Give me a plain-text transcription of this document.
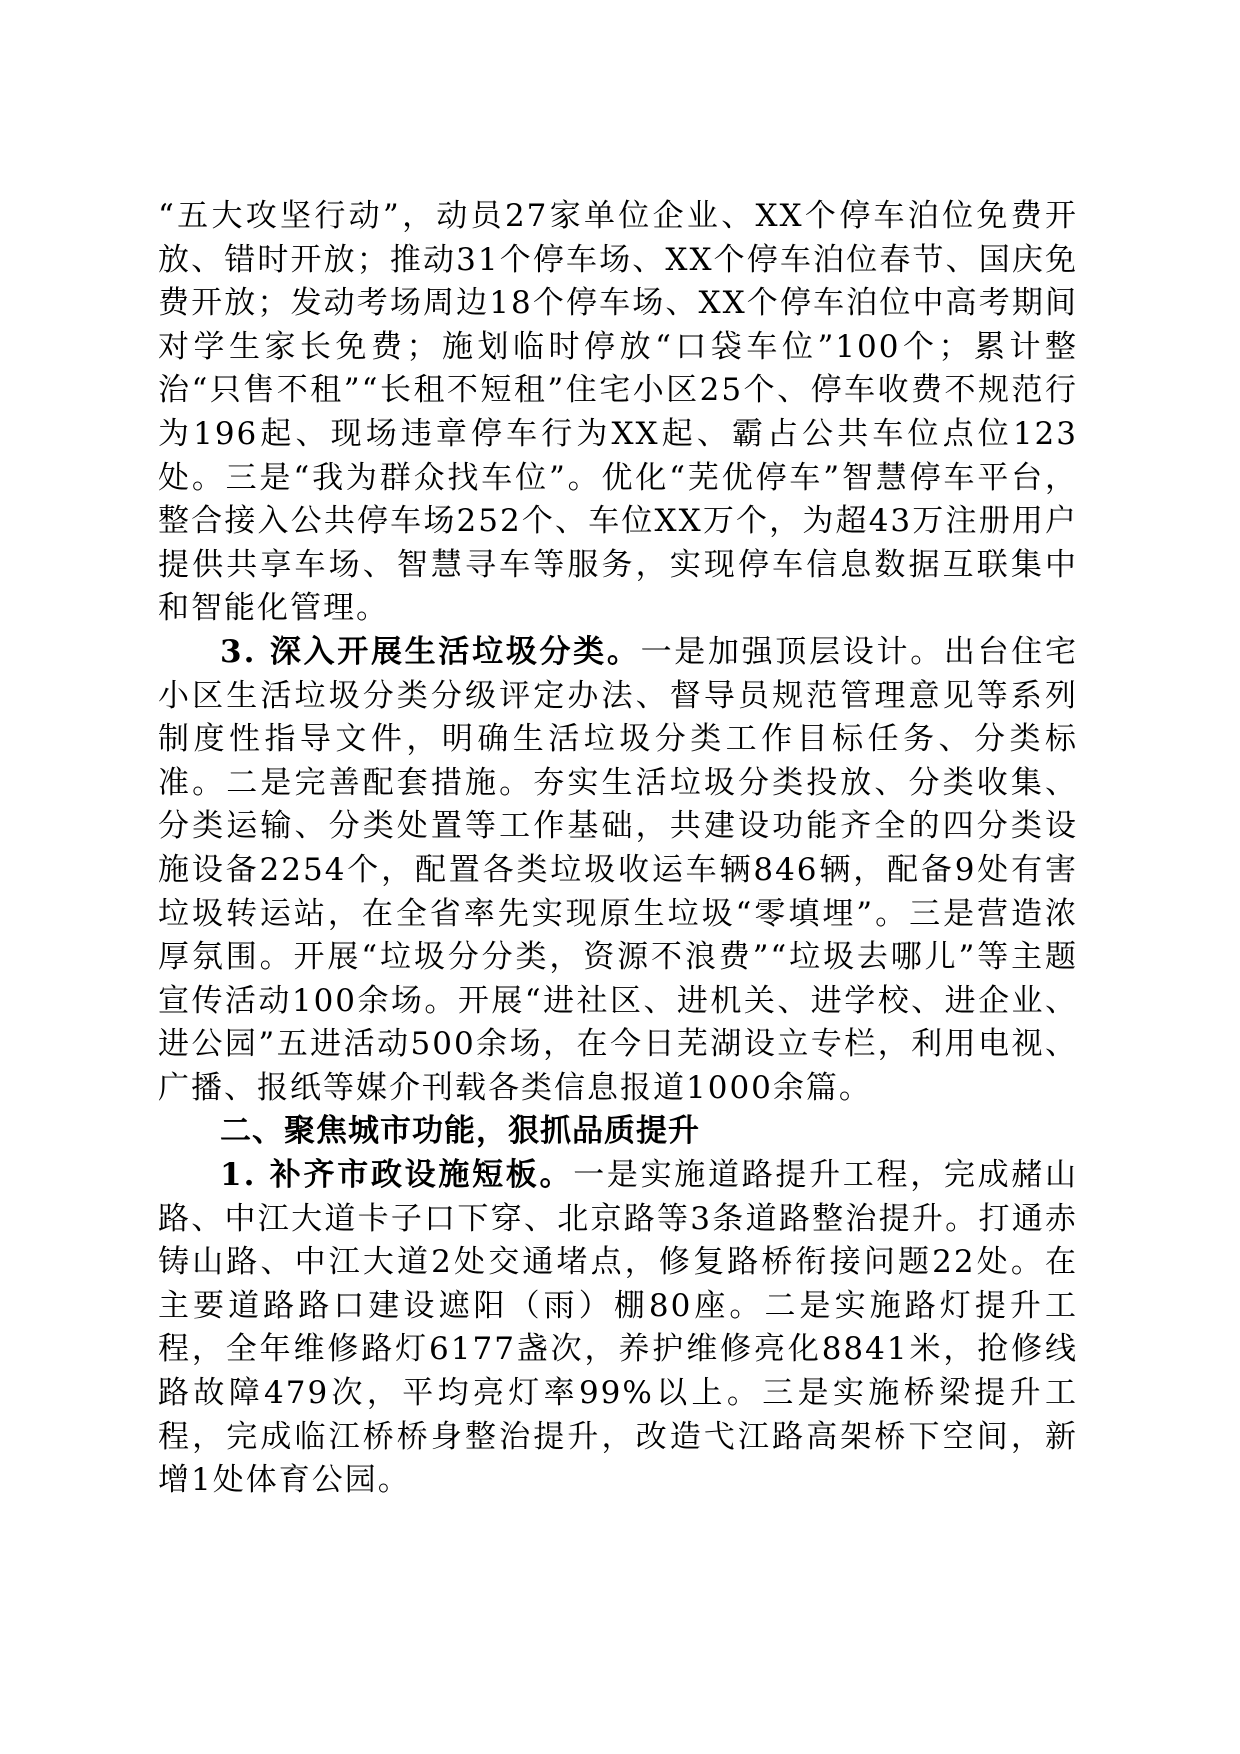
“五大攻坚行动”，动员27家单位企业、XX个停车泊位免费开放、错时开放；推动31个停车场、XX个停车泊位春节、国庆免费开放；发动考场周边18个停车场、XX个停车泊位中高考期间对学生家长免费；施划临时停放“口袋车位”100个；累计整治“只售不租”“长租不短租”住宅小区25个、停车收费不规范行为196起、现场违章停车行为XX起、霸占公共车位点位123处。三是“我为群众找车位”。优化“芜优停车”智慧停车平台，整合接入公共停车场252个、车位XX万个，为超43万注册用户提供共享车场、智慧寻车等服务，实现停车信息数据互联集中和智能化管理。

3. 深入开展生活垃圾分类。一是加强顶层设计。出台住宅小区生活垃圾分类分级评定办法、督导员规范管理意见等系列制度性指导文件，明确生活垃圾分类工作目标任务、分类标准。二是完善配套措施。夯实生活垃圾分类投放、分类收集、分类运输、分类处置等工作基础，共建设功能齐全的四分类设施设备2254个，配置各类垃圾收运车辆846辆，配备9处有害垃圾转运站，在全省率先实现原生垃圾“零填埋”。三是营造浓厚氛围。开展“垃圾分分类，资源不浪费”“垃圾去哪儿”等主题宣传活动100余场。开展“进社区、进机关、进学校、进企业、进公园”五进活动500余场，在今日芜湖设立专栏，利用电视、广播、报纸等媒介刊载各类信息报道1000余篇。

二、聚焦城市功能，狠抓品质提升

1. 补齐市政设施短板。一是实施道路提升工程，完成赭山路、中江大道卡子口下穿、北京路等3条道路整治提升。打通赤铸山路、中江大道2处交通堵点，修复路桥衔接问题22处。在主要道路路口建设遮阳（雨）棚80座。二是实施路灯提升工程，全年维修路灯6177盏次，养护维修亮化8841米，抢修线路故障479次，平均亮灯率99%以上。三是实施桥梁提升工程，完成临江桥桥身整治提升，改造弋江路高架桥下空间，新增1处体育公园。
